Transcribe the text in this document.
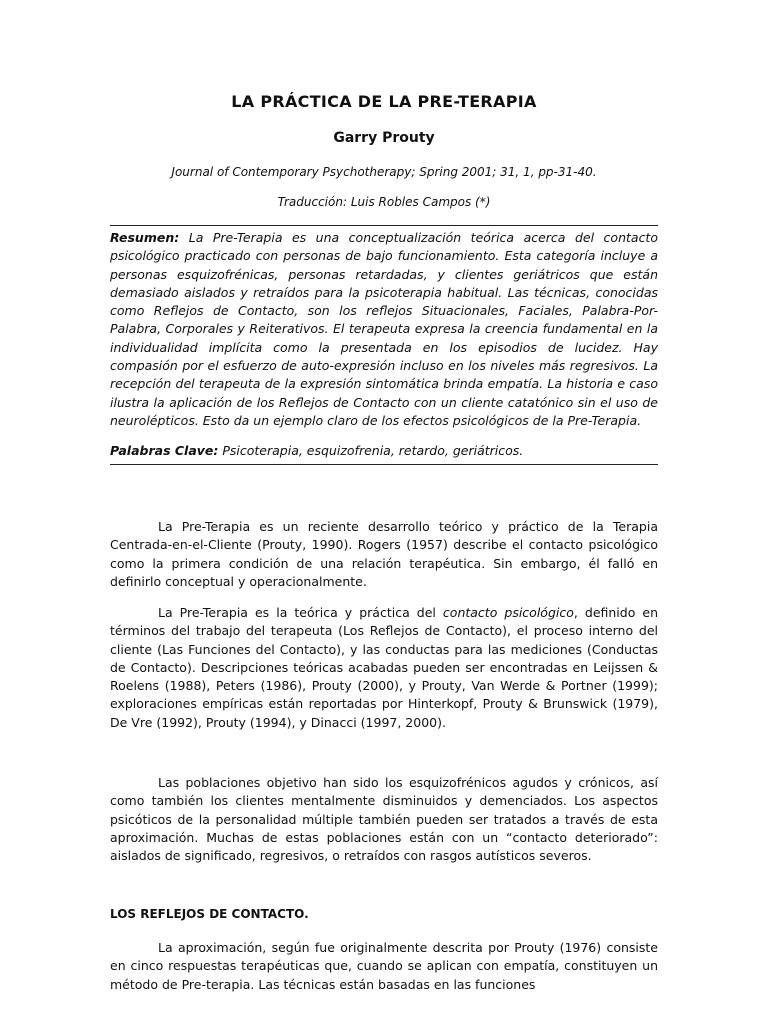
LA PRÁCTICA DE LA PRE-TERAPIA
Garry Prouty
Journal of Contemporary Psychotherapy; Spring 2001; 31, 1, pp-31-40.
Traducción: Luis Robles Campos (*)

Resumen: La Pre-Terapia es una conceptualización teórica acerca del contacto psicológico practicado con personas de bajo funcionamiento. Esta categoría incluye a personas esquizofrénicas, personas retardadas, y clientes geriátricos que están demasiado aislados y retraídos para la psicoterapia habitual. Las técnicas, conocidas como Reflejos de Contacto, son los reflejos Situacionales, Faciales, Palabra-Por-Palabra, Corporales y Reiterativos. El terapeuta expresa la creencia fundamental en la individualidad implícita como la presentada en los episodios de lucidez. Hay compasión por el esfuerzo de auto-expresión incluso en los niveles más regresivos. La recepción del terapeuta de la expresión sintomática brinda empatía. La historia e caso ilustra la aplicación de los Reflejos de Contacto con un cliente catatónico sin el uso de neurolépticos. Esto da un ejemplo claro de los efectos psicológicos de la Pre-Terapia.

Palabras Clave: Psicoterapia, esquizofrenia, retardo, geriátricos.

La Pre-Terapia es un reciente desarrollo teórico y práctico de la Terapia Centrada-en-el-Cliente (Prouty, 1990). Rogers (1957) describe el contacto psicológico como la primera condición de una relación terapéutica. Sin embargo, él falló en definirlo conceptual y operacionalmente.

La Pre-Terapia es la teórica y práctica del contacto psicológico, definido en términos del trabajo del terapeuta (Los Reflejos de Contacto), el proceso interno del cliente (Las Funciones del Contacto), y las conductas para las mediciones (Conductas de Contacto). Descripciones teóricas acabadas pueden ser encontradas en Leijssen & Roelens (1988), Peters (1986), Prouty (2000), y Prouty, Van Werde & Portner (1999); exploraciones empíricas están reportadas por Hinterkopf, Prouty & Brunswick (1979), De Vre (1992), Prouty (1994), y Dinacci (1997, 2000).

Las poblaciones objetivo han sido los esquizofrénicos agudos y crónicos, así como también los clientes mentalmente disminuidos y demenciados. Los aspectos psicóticos de la personalidad múltiple también pueden ser tratados a través de esta aproximación. Muchas de estas poblaciones están con un “contacto deteriorado”: aislados de significado, regresivos, o retraídos con rasgos autísticos severos.

LOS REFLEJOS DE CONTACTO.

La aproximación, según fue originalmente descrita por Prouty (1976) consiste en cinco respuestas terapéuticas que, cuando se aplican con empatía, constituyen un método de Pre-terapia. Las técnicas están basadas en las funciones
